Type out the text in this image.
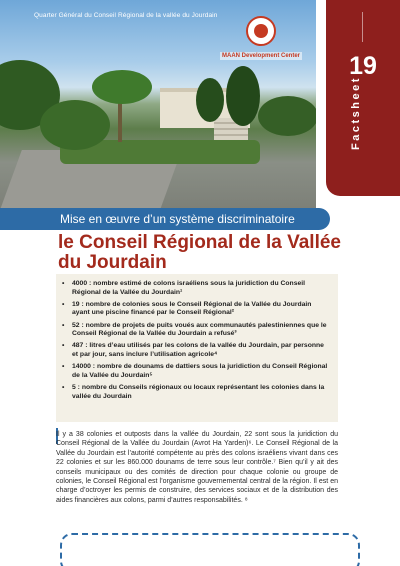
Quarter Général du Conseil Régional de la vallée du Jourdain
MAAN Development Center	19
Factsheet
Mise en œuvre d’un système discriminatoire
le Conseil Régional de la Vallée du Jourdain
• 4000 : nombre estimé de colons israéliens sous la juridiction du Conseil Régional de la Vallée du Jourdain¹
• 19 : nombre de colonies sous le Conseil Régional de la Vallée du Jourdain ayant une piscine financé par le Conseil Régional²
• 52 : nombre de projets de puits voués aux communautés palestiniennes que le Conseil Régional de la Vallée du Jourdain a refusé³
• 487 : litres d’eau utilisés par les colons de la vallée du Jourdain, par personne et par jour, sans inclure l’utilisation agricole⁴
• 14000 : nombre de dounams de dattiers sous la juridiction du Conseil Régional de la Vallée du Jourdain⁵
• 5 : nombre du Conseils régionaux ou locaux représentant les colonies dans la vallée du Jourdain

Il y a 38 colonies et outposts dans la vallée du Jourdain, 22 sont sous la juridiction du Conseil Régional de la Vallée du Jourdain (Avrot Ha Yarden)⁶. Le Conseil Régional de la Vallée du Jourdain est l’autorité compétente au près des colons israéliens vivant dans ces 22 colonies et sur les 860.000 dounams de terre sous leur contrôle.⁷ Bien qu’il y ait des conseils municipaux ou des comités de direction pour chaque colonie ou groupe de colonies, le Conseil Régional est l’organisme gouvernemental central de la région. Il est en charge d’octroyer les permis de construire, des services sociaux et de la distribution des aides financières aux colons, parmi d’autres responsabilités. ⁸
